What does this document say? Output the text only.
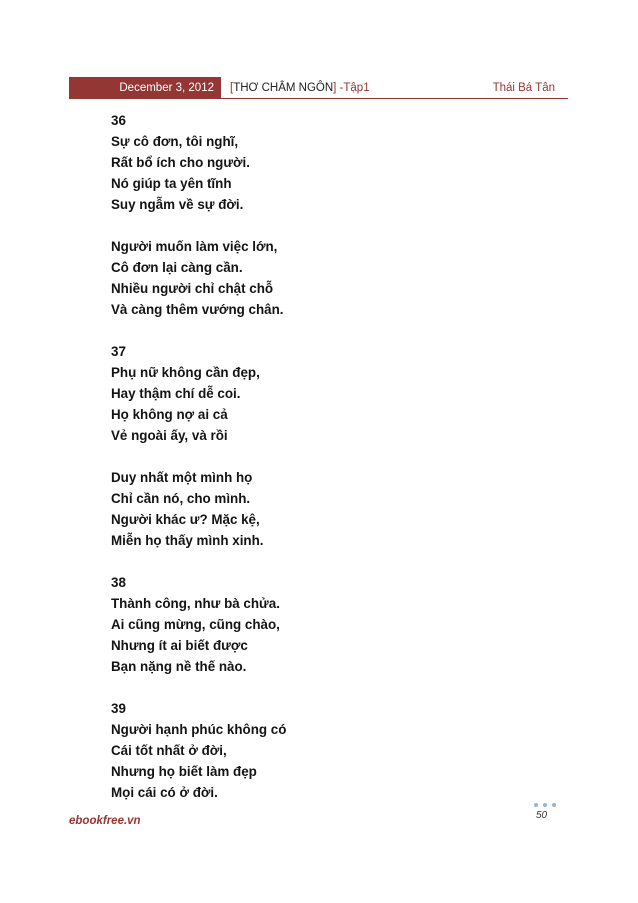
December 3, 2012	[THƠ CHÂM NGÔN] -Tập1	Thái Bá Tân
36
Sự cô đơn, tôi nghĩ,
Rất bổ ích cho người.
Nó giúp ta yên tĩnh
Suy ngẫm về sự đời.
Người muốn làm việc lớn,
Cô đơn lại càng cần.
Nhiều người chỉ chật chỗ
Và càng thêm vướng chân.
37
Phụ nữ không cần đẹp,
Hay thậm chí dễ coi.
Họ không nợ ai cả
Vẻ ngoài ấy, và rồi
Duy nhất một mình họ
Chỉ cần nó, cho mình.
Người khác ư? Mặc kệ,
Miễn họ thấy mình xinh.
38
Thành công, như bà chửa.
Ai cũng mừng, cũng chào,
Nhưng ít ai biết được
Bạn nặng nề thế nào.
39
Người hạnh phúc không có
Cái tốt nhất ở đời,
Nhưng họ biết làm đẹp
Mọi cái có ở đời.
50
ebookfree.vn
